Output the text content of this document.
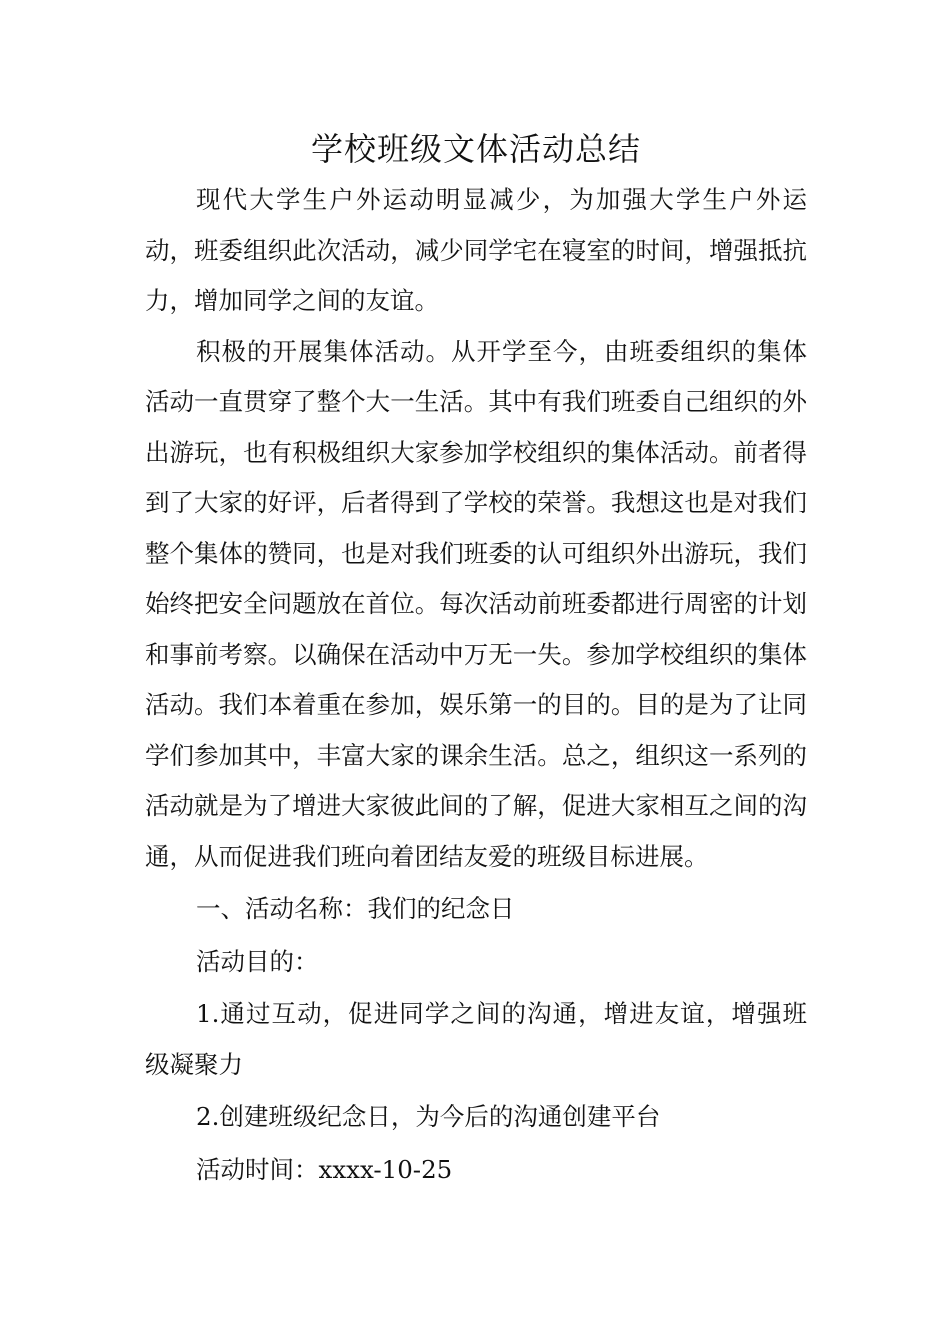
学校班级文体活动总结

现代大学生户外运动明显减少，为加强大学生户外运动，班委组织此次活动，减少同学宅在寝室的时间，增强抵抗力，增加同学之间的友谊。

积极的开展集体活动。从开学至今，由班委组织的集体活动一直贯穿了整个大一生活。其中有我们班委自己组织的外出游玩，也有积极组织大家参加学校组织的集体活动。前者得到了大家的好评，后者得到了学校的荣誉。我想这也是对我们整个集体的赞同，也是对我们班委的认可组织外出游玩，我们始终把安全问题放在首位。每次活动前班委都进行周密的计划和事前考察。以确保在活动中万无一失。参加学校组织的集体活动。我们本着重在参加，娱乐第一的目的。目的是为了让同学们参加其中，丰富大家的课余生活。总之，组织这一系列的活动就是为了增进大家彼此间的了解，促进大家相互之间的沟通，从而促进我们班向着团结友爱的班级目标进展。

一、活动名称：我们的纪念日

活动目的：

1.通过互动，促进同学之间的沟通，增进友谊，增强班级凝聚力

2.创建班级纪念日，为今后的沟通创建平台

活动时间：xxxx-10-25
